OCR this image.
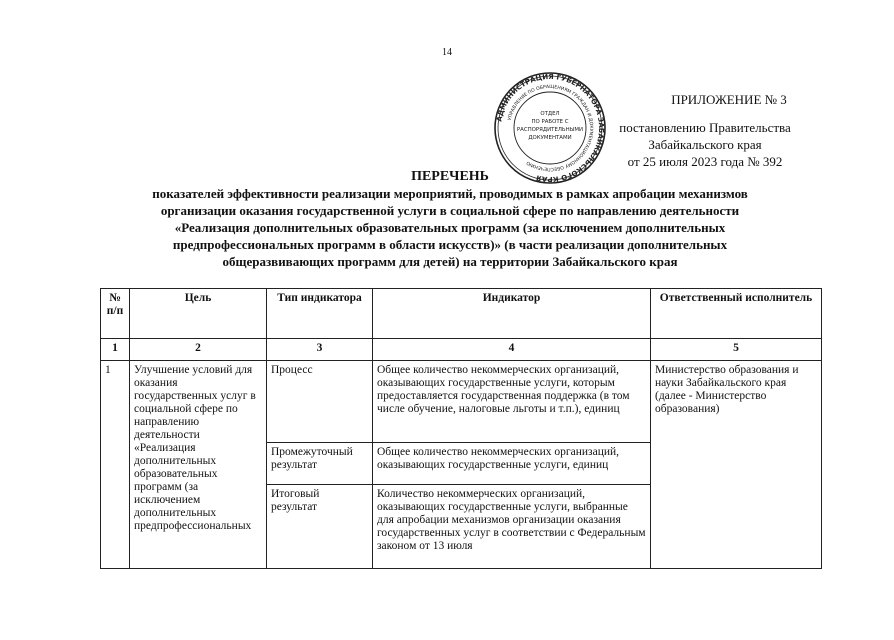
14
АДМИНИСТРАЦИЯ ГУБЕРНАТОРА ЗАБАЙКАЛЬСКОГО КРАЯ
УПРАВЛЕНИЕ ПО ОБРАЩЕНИЯМ ГРАЖДАН И ДОКУМЕНТАЦИОННОМУ ОБЕСПЕЧЕНИЮ
ОТДЕЛ
ПО РАБОТЕ С
РАСПОРЯДИТЕЛЬНЫМИ
ДОКУМЕНТАМИ
ПРИЛОЖЕНИЕ № 3
постановлению Правительства
Забайкальского края
от 25 июля 2023 года № 392
ПЕРЕЧЕНЬ
показателей эффективности реализации мероприятий, проводимых в рамках апробации механизмов
организации оказания государственной услуги в социальной сфере по направлению деятельности
«Реализация дополнительных образовательных программ (за исключением дополнительных
предпрофессиональных программ в области искусств)» (в части реализации дополнительных
общеразвивающих программ для детей) на территории Забайкальского края
№ п/п	Цель	Тип индикатора	Индикатор	Ответственный исполнитель
1	2	3	4	5
1	Улучшение условий для оказания государственных услуг в социальной сфере по направлению деятельности «Реализация дополнительных образовательных программ (за исключением дополнительных предпрофессиональных	Процесс	Общее количество некоммерческих организаций, оказывающих государственные услуги, которым предоставляется государственная поддержка (в том числе обучение, налоговые льготы и т.п.), единиц	Министерство образования и науки Забайкальского края (далее - Министерство образования)
		Промежуточный результат	Общее количество некоммерческих организаций, оказывающих государственные услуги, единиц	
		Итоговый результат	Количество некоммерческих организаций, оказывающих государственные услуги, выбранные для апробации механизмов организации оказания государственных услуг в соответствии с Федеральным законом от 13 июля	
